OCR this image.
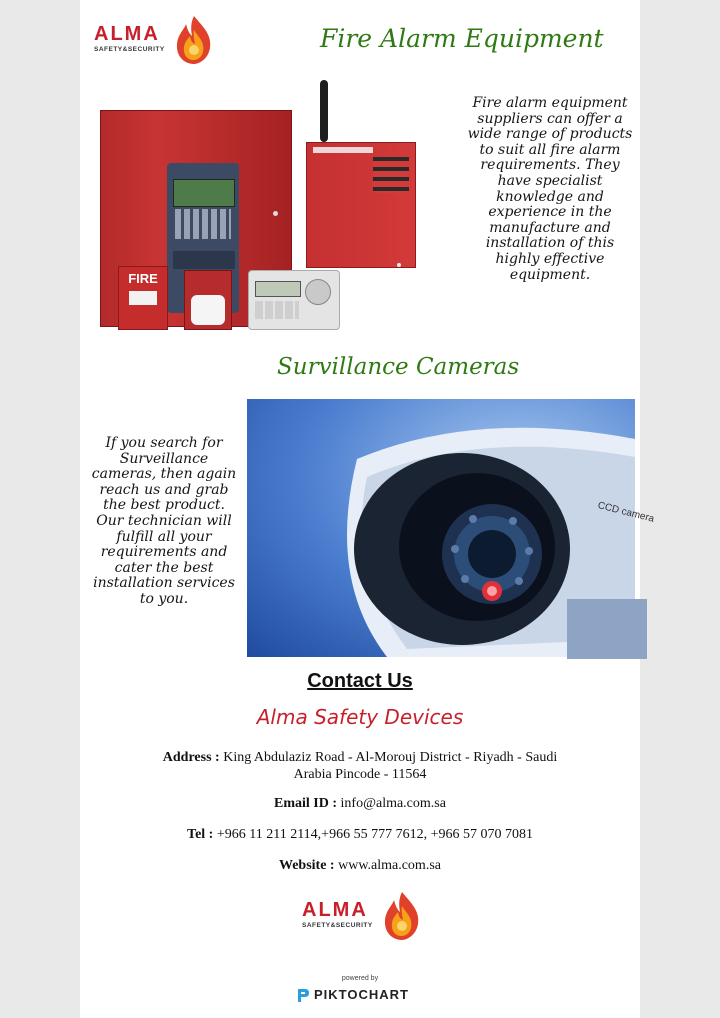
ALMA
SAFETY&SECURITY	Fire Alarm Equipment
FIRE
Fire alarm equipment suppliers can offer a wide range of products to suit all fire alarm requirements. They have specialist knowledge and experience in the manufacture and installation of this highly effective equipment.
Survillance Cameras
If you search for Surveillance cameras, then again reach us and grab the best product. Our technician will fulfill all your requirements and cater the best installation services to you.
CCD camera
Contact Us
Alma Safety Devices
Address : King Abdulaziz Road - Al-Morouj District - Riyadh - Saudi Arabia Pincode - 11564
Email ID : info@alma.com.sa
Tel : +966 11 211 2114,+966 55 777 7612, +966 57 070 7081
Website : www.alma.com.sa
ALMA
SAFETY&SECURITY
powered by
PIKTOCHART
